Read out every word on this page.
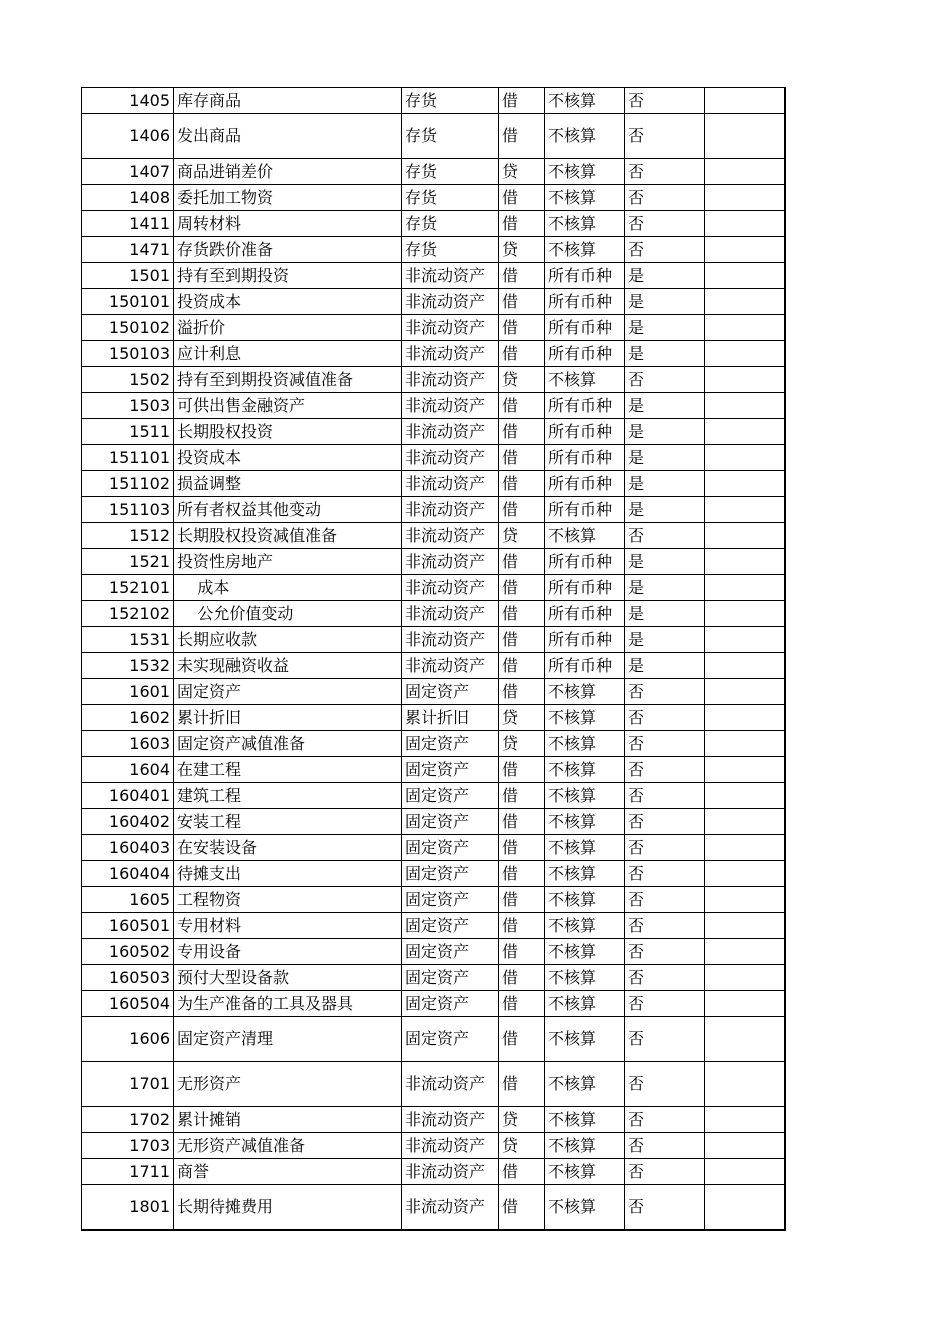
1405	库存商品	存货	借	不核算	否	
1406	发出商品	存货	借	不核算	否	
1407	商品进销差价	存货	贷	不核算	否	
1408	委托加工物资	存货	借	不核算	否	
1411	周转材料	存货	借	不核算	否	
1471	存货跌价准备	存货	贷	不核算	否	
1501	持有至到期投资	非流动资产	借	所有币种	是	
150101	投资成本	非流动资产	借	所有币种	是	
150102	溢折价	非流动资产	借	所有币种	是	
150103	应计利息	非流动资产	借	所有币种	是	
1502	持有至到期投资减值准备	非流动资产	贷	不核算	否	
1503	可供出售金融资产	非流动资产	借	所有币种	是	
1511	长期股权投资	非流动资产	借	所有币种	是	
151101	投资成本	非流动资产	借	所有币种	是	
151102	损益调整	非流动资产	借	所有币种	是	
151103	所有者权益其他变动	非流动资产	借	所有币种	是	
1512	长期股权投资减值准备	非流动资产	贷	不核算	否	
1521	投资性房地产	非流动资产	借	所有币种	是	
152101	成本	非流动资产	借	所有币种	是	
152102	公允价值变动	非流动资产	借	所有币种	是	
1531	长期应收款	非流动资产	借	所有币种	是	
1532	未实现融资收益	非流动资产	借	所有币种	是	
1601	固定资产	固定资产	借	不核算	否	
1602	累计折旧	累计折旧	贷	不核算	否	
1603	固定资产减值准备	固定资产	贷	不核算	否	
1604	在建工程	固定资产	借	不核算	否	
160401	建筑工程	固定资产	借	不核算	否	
160402	安装工程	固定资产	借	不核算	否	
160403	在安装设备	固定资产	借	不核算	否	
160404	待摊支出	固定资产	借	不核算	否	
1605	工程物资	固定资产	借	不核算	否	
160501	专用材料	固定资产	借	不核算	否	
160502	专用设备	固定资产	借	不核算	否	
160503	预付大型设备款	固定资产	借	不核算	否	
160504	为生产准备的工具及器具	固定资产	借	不核算	否	
1606	固定资产清理	固定资产	借	不核算	否	
1701	无形资产	非流动资产	借	不核算	否	
1702	累计摊销	非流动资产	贷	不核算	否	
1703	无形资产减值准备	非流动资产	贷	不核算	否	
1711	商誉	非流动资产	借	不核算	否	
1801	长期待摊费用	非流动资产	借	不核算	否	
